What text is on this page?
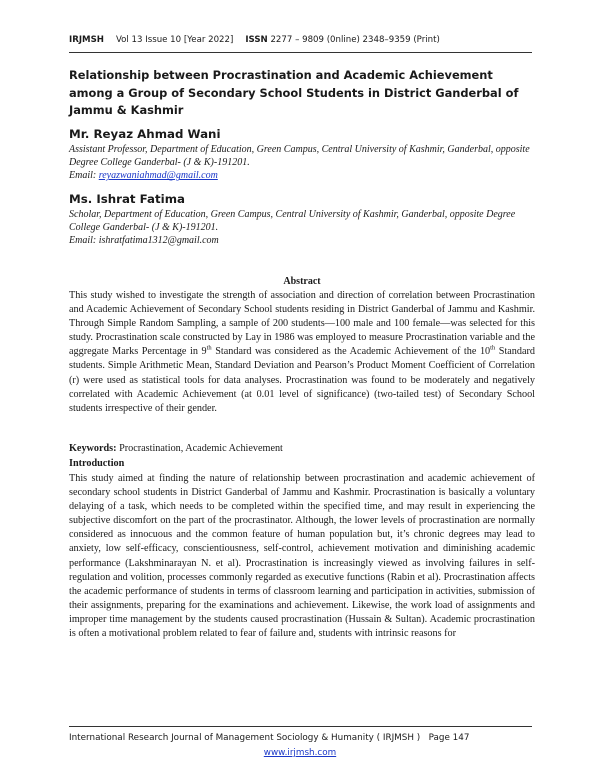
IRJMSH Vol 13 Issue 10 [Year 2022] ISSN 2277 – 9809 (0nline) 2348–9359 (Print)
Relationship between Procrastination and Academic Achievement among a Group of Secondary School Students in District Ganderbal of Jammu & Kashmir
Mr. Reyaz Ahmad Wani
Assistant Professor, Department of Education, Green Campus, Central University of Kashmir, Ganderbal, opposite Degree College Ganderbal- (J & K)-191201.
Email: reyazwaniahmad@gmail.com
Ms. Ishrat Fatima
Scholar, Department of Education, Green Campus, Central University of Kashmir, Ganderbal, opposite Degree College Ganderbal- (J & K)-191201.
Email: ishratfatima1312@gmail.com
Abstract

This study wished to investigate the strength of association and direction of correlation between Procrastination and Academic Achievement of Secondary School students residing in District Ganderbal of Jammu and Kashmir. Through Simple Random Sampling, a sample of 200 students—100 male and 100 female—was selected for this study. Procrastination scale constructed by Lay in 1986 was employed to measure Procrastination variable and the aggregate Marks Percentage in 9th Standard was considered as the Academic Achievement of the 10th Standard students. Simple Arithmetic Mean, Standard Deviation and Pearson’s Product Moment Coefficient of Correlation (r) were used as statistical tools for data analyses. Procrastination was found to be moderately and negatively correlated with Academic Achievement (at 0.01 level of significance) (two-tailed test) of Secondary School students irrespective of their gender.

Keywords: Procrastination, Academic Achievement
Introduction

This study aimed at finding the nature of relationship between procrastination and academic achievement of secondary school students in District Ganderbal of Jammu and Kashmir. Procrastination is basically a voluntary delaying of a task, which needs to be completed within the specified time, and may result in experiencing the subjective discomfort on the part of the procrastinator. Although, the lower levels of procrastination are normally considered as innocuous and the common feature of human population but, it’s chronic degrees may lead to anxiety, low self-efficacy, conscientiousness, self-control, achievement motivation and diminishing academic performance (Lakshminarayan N. et al). Procrastination is increasingly viewed as involving failures in self-regulation and volition, processes commonly regarded as executive functions (Rabin et al). Procrastination affects the academic performance of students in terms of classroom learning and participation in activities, submission of their assignments, preparing for the examinations and achievement. Likewise, the work load of assignments and improper time management by the students caused procrastination (Hussain & Sultan). Academic procrastination is often a motivational problem related to fear of failure and, students with intrinsic reasons for

International Research Journal of Management Sociology & Humanity ( IRJMSH ) Page 147
www.irjmsh.com
